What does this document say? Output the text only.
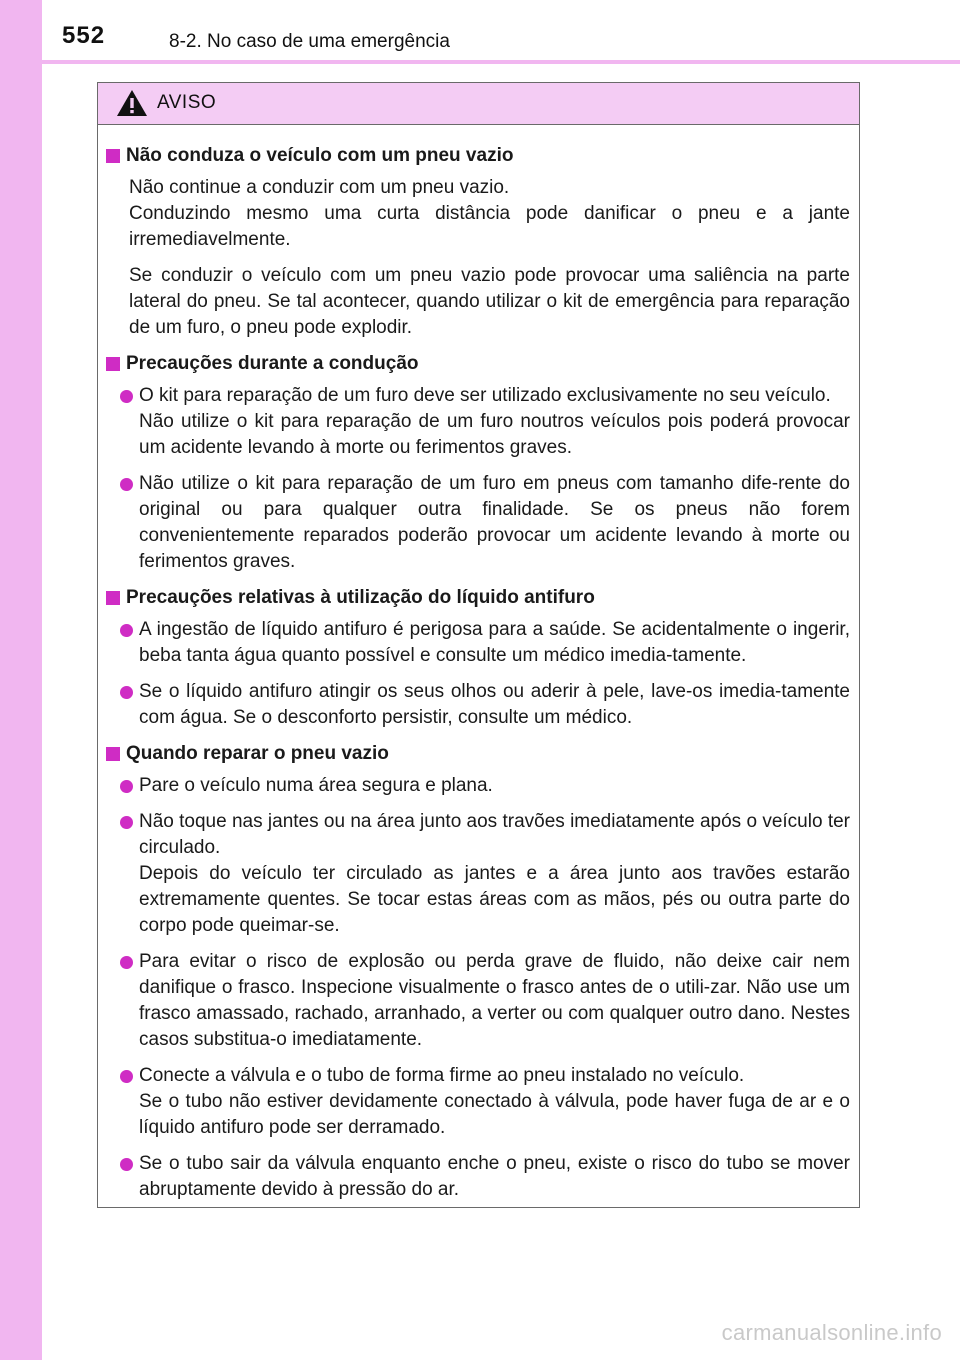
552	8-2. No caso de uma emergência
AVISO
Não conduza o veículo com um pneu vazio
Não continue a conduzir com um pneu vazio.
Conduzindo mesmo uma curta distância pode danificar o pneu e a jante irremediavelmente.
Se conduzir o veículo com um pneu vazio pode provocar uma saliência na parte lateral do pneu. Se tal acontecer, quando utilizar o kit de emergência para reparação de um furo, o pneu pode explodir.
Precauções durante a condução
O kit para reparação de um furo deve ser utilizado exclusivamente no seu veículo.
Não utilize o kit para reparação de um furo noutros veículos pois poderá provocar um acidente levando à morte ou ferimentos graves.
Não utilize o kit para reparação de um furo em pneus com tamanho dife-rente do original ou para qualquer outra finalidade. Se os pneus não forem convenientemente reparados poderão provocar um acidente levando à morte ou ferimentos graves.
Precauções relativas à utilização do líquido antifuro
A ingestão de líquido antifuro é perigosa para a saúde. Se acidentalmente o ingerir, beba tanta água quanto possível e consulte um médico imedia-tamente.
Se o líquido antifuro atingir os seus olhos ou aderir à pele, lave-os imedia-tamente com água. Se o desconforto persistir, consulte um médico.
Quando reparar o pneu vazio
Pare o veículo numa área segura e plana.
Não toque nas jantes ou na área junto aos travões imediatamente após o veículo ter circulado.
Depois do veículo ter circulado as jantes e a área junto aos travões estarão extremamente quentes. Se tocar estas áreas com as mãos, pés ou outra parte do corpo pode queimar-se.
Para evitar o risco de explosão ou perda grave de fluido, não deixe cair nem danifique o frasco. Inspecione visualmente o frasco antes de o utili-zar. Não use um frasco amassado, rachado, arranhado, a verter ou com qualquer outro dano. Nestes casos substitua-o imediatamente.
Conecte a válvula e o tubo de forma firme ao pneu instalado no veículo.
Se o tubo não estiver devidamente conectado à válvula, pode haver fuga de ar e o líquido antifuro pode ser derramado.
Se o tubo sair da válvula enquanto enche o pneu, existe o risco do tubo se mover abruptamente devido à pressão do ar.
carmanualsonline.info
